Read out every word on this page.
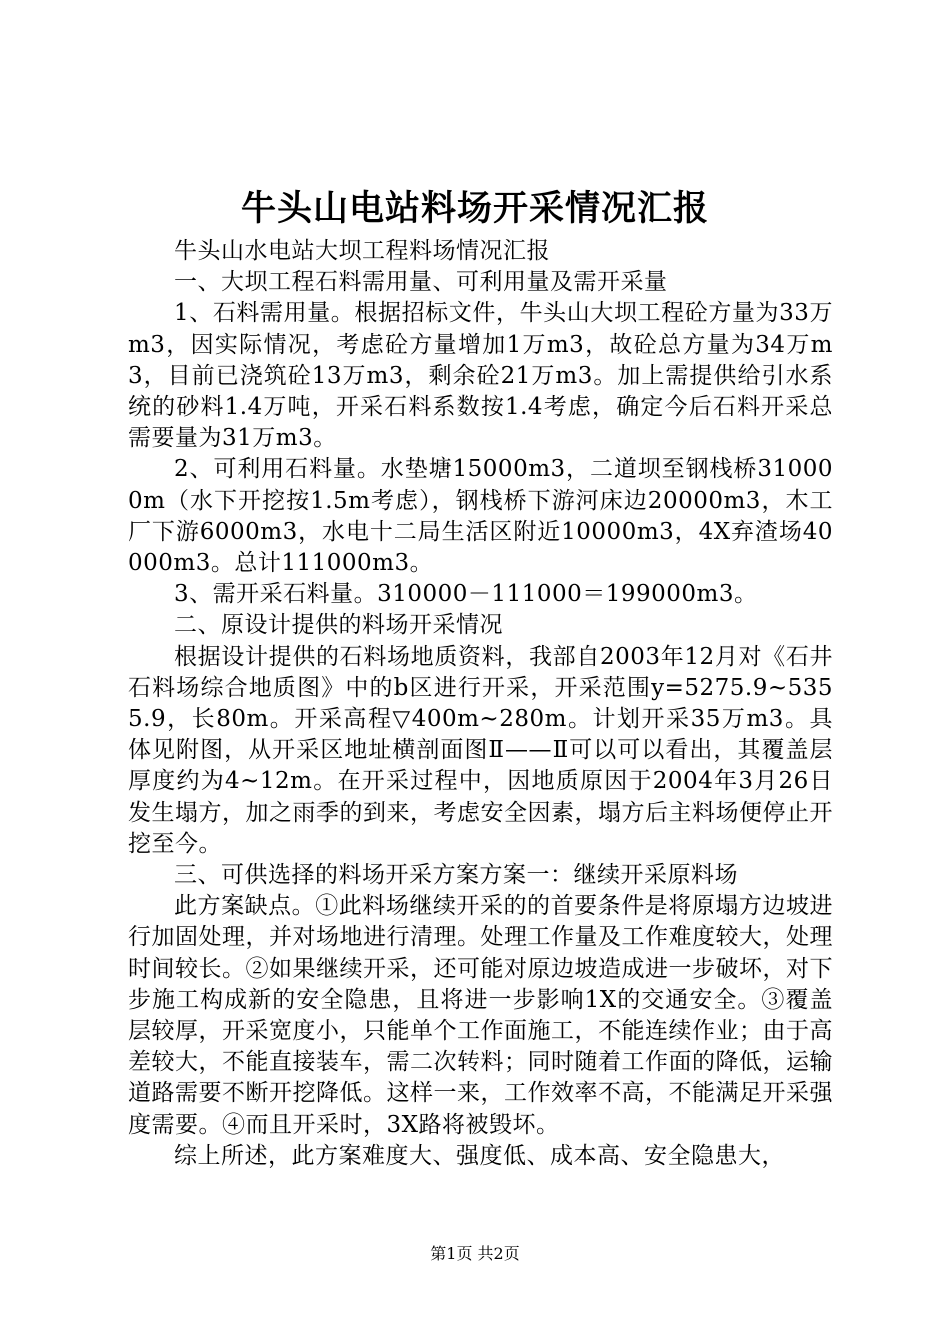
牛头山电站料场开采情况汇报

牛头山水电站大坝工程料场情况汇报

一、大坝工程石料需用量、可利用量及需开采量

1、石料需用量。根据招标文件，牛头山大坝工程砼方量为33万m3，因实际情况，考虑砼方量增加1万m3，故砼总方量为34万m3，目前已浇筑砼13万m3，剩余砼21万m3。加上需提供给引水系统的砂料1.4万吨，开采石料系数按1.4考虑，确定今后石料开采总需要量为31万m3。

2、可利用石料量。水垫塘15000m3，二道坝至钢栈桥310000m（水下开挖按1.5m考虑），钢栈桥下游河床边20000m3，木工厂下游6000m3，水电十二局生活区附近10000m3，4X弃渣场40000m3。总计111000m3。

3、需开采石料量。310000－111000＝199000m3。

二、原设计提供的料场开采情况

根据设计提供的石料场地质资料，我部自2003年12月对《石井石料场综合地质图》中的b区进行开采，开采范围y=5275.9~5355.9，长80m。开采高程▽400m~280m。计划开采35万m3。具体见附图，从开采区地址横剖面图Ⅱ——Ⅱ可以可以看出，其覆盖层厚度约为4~12m。在开采过程中，因地质原因于2004年3月26日发生塌方，加之雨季的到来，考虑安全因素，塌方后主料场便停止开挖至今。

三、可供选择的料场开采方案方案一：继续开采原料场

此方案缺点。①此料场继续开采的的首要条件是将原塌方边坡进行加固处理，并对场地进行清理。处理工作量及工作难度较大，处理时间较长。②如果继续开采，还可能对原边坡造成进一步破坏，对下步施工构成新的安全隐患，且将进一步影响1X的交通安全。③覆盖层较厚，开采宽度小，只能单个工作面施工，不能连续作业；由于高差较大，不能直接装车，需二次转料；同时随着工作面的降低，运输道路需要不断开挖降低。这样一来，工作效率不高，不能满足开采强度需要。④而且开采时，3X路将被毁坏。

综上所述，此方案难度大、强度低、成本高、安全隐患大，

第1页 共2页
